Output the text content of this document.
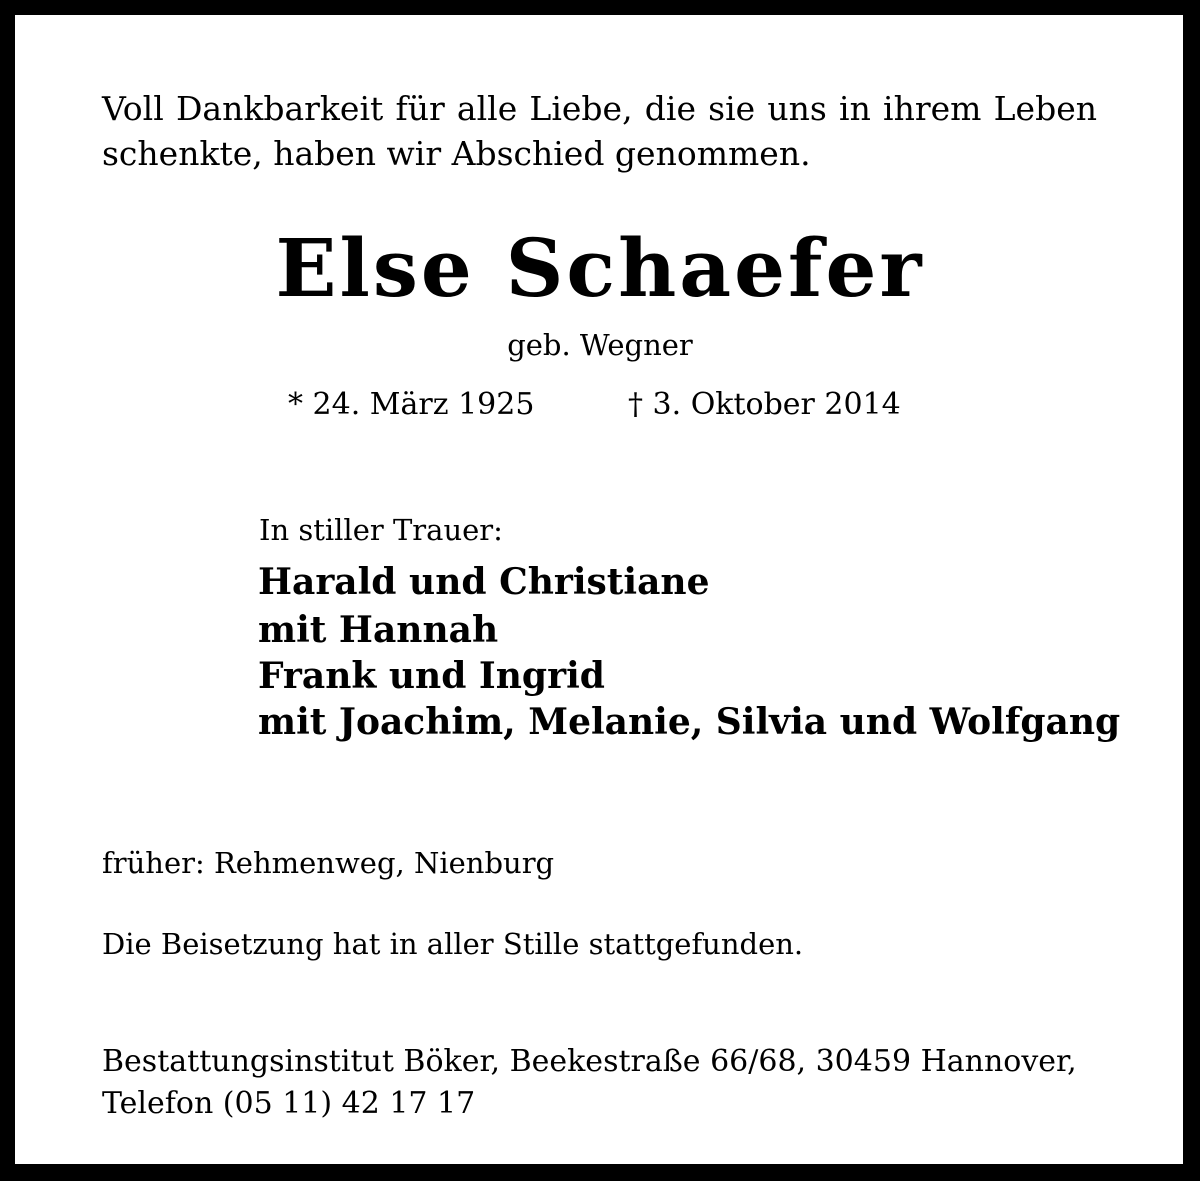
Voll Dankbarkeit für alle Liebe, die sie uns in ihrem Leben
schenkte, haben wir Abschied genommen.

Else Schaefer
geb. Wegner
* 24. März 1925	† 3. Oktober 2014
In stiller Trauer:
Harald und Christiane
mit Hannah
Frank und Ingrid
mit Joachim, Melanie, Silvia und Wolfgang
früher: Rehmenweg, Nienburg
Die Beisetzung hat in aller Stille stattgefunden.
Bestattungsinstitut Böker, Beekestraße 66/68, 30459 Hannover,
Telefon (05 11) 42 17 17
